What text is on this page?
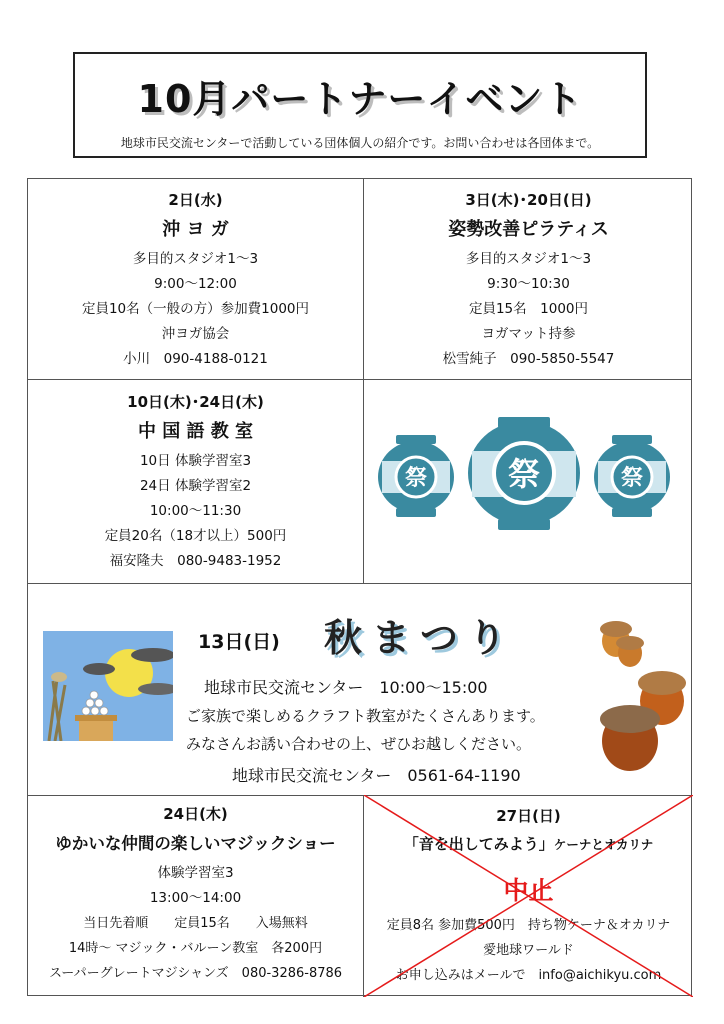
10月パートナーイベント
地球市民交流センターで活動している団体個人の紹介です。お問い合わせは各団体まで。
2日(水)
沖 ヨ ガ
多目的スタジオ1～3
9:00～12:00
定員10名（一般の方）参加費1000円
沖ヨガ協会
小川　090-4188-0121
3日(木)･20日(日)
姿勢改善ピラティス
多目的スタジオ1～3
9:30～10:30
定員15名　1000円
ヨガマット持参
松雪純子　090-5850-5547
10日(木)･24日(木)
中 国 語 教 室
10日 体験学習室3
24日 体験学習室2
10:00～11:30
定員20名（18才以上）500円
福安隆夫　080-9483-1952
祭	祭	祭
13日(日) 秋まつり
地球市民交流センター　10:00～15:00
ご家族で楽しめるクラフト教室がたくさんあります。
みなさんお誘い合わせの上、ぜひお越しください。
地球市民交流センター　0561-64-1190
24日(木)
ゆかいな仲間の楽しいマジックショー
体験学習室3
13:00～14:00
当日先着順　　定員15名　　入場無料
14時～ マジック・バルーン教室　各200円
スーパーグレートマジシャンズ　080-3286-8786
27日(日)
「音を出してみよう」ケーナとオカリナ
中止
定員8名 参加費500円　持ち物ケーナ＆オカリナ
愛地球ワールド
お申し込みはメールで　info@aichikyu.com
